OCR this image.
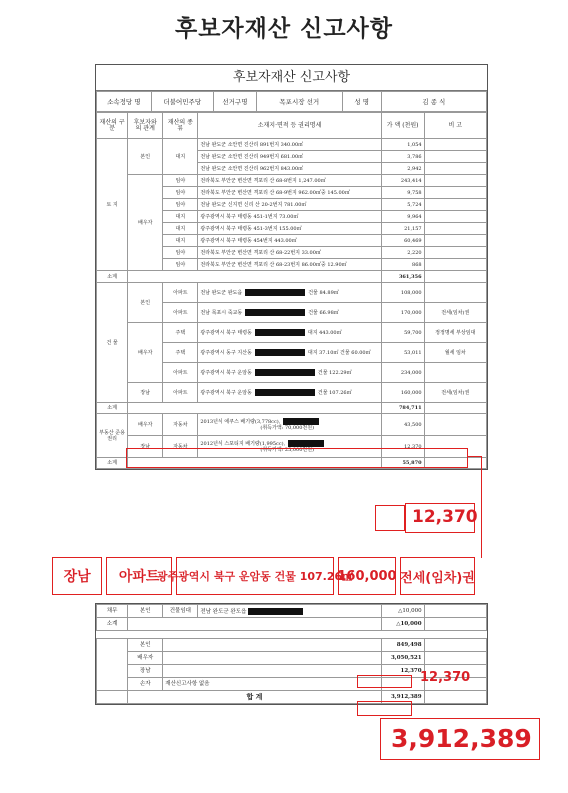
후보자재산 신고사항
후보자재산 신고사항
소속정당 명	더불어민주당	선거구명	목포시장 선거	성 명	김 종 식
재산의 구 분	후보자와 의 관계	재산의 종 류	소재지·면적 등 권리명세	가 액 (천원)	비 고
토 지	본인	대지	전남 완도군 소안면 진산리 891번지 340.00㎡	1,054	
			전남 완도군 소안면 진산리 949번지 681.00㎡	3,786	
			전남 완도군 소안면 진산리 962번지 843.00㎡	2,942	
	배우자	임야	전라북도 부안군 변산면 격포리 산 68-8번지 1,247.00㎡	243,414	
		임야	전라북도 부안군 변산면 격포리 산 68-9번지 962.00㎡중 145.00㎡	9,758	
		임야	전남 완도군 신지면 신리 산 20-2번지 781.00㎡	5,724	
		대지	광주광역시 북구 태령동 451-1번지 73.00㎡	9,964	
		대지	광주광역시 북구 태령동 451-3번지 155.00㎡	21,157	
		대지	광주광역시 북구 태령동 454번지 443.00㎡	60,469	
		임야	전라북도 부안군 변산면 격포리 산 68-22번지 33.00㎡	2,220	
		임야	전라북도 부안군 변산면 격포리 산 68-23번지 86.00㎡중 12.90㎡	868	
소계				361,356	
건 물	본인	아파트	전남 완도군 완도읍 건물 84.89㎡	108,000	
		아파트	전남 목포시 죽교동 건물 66.98㎡	170,000	전세(임차)권
	배우자	주택	광주광역시 북구 태령동 대지 443.00㎡	59,700	정정명세 부상임대
		주택	광주광역시 동구 지산동 대지 37.10㎡ 건물 60.00㎡	53,011	월세 임차
		아파트	광주광역시 북구 운암동 건물 122.29㎡	234,000	
	장남	아파트	광주광역시 북구 운암동 건물 107.26㎡	160,000	전세(임차)권
소계				784,711	
부동산 준용권리	배우자	자동차	2013년식 에쿠스 배기량(3,778cc),
(취득가액: 70,000천원)	43,500	
	장남	자동차	2012년식 스포티지 배기량(1,995cc),
(취득가액: 25,000천원)	12,370	
소계				55,870	
12,370
장남	아파트
광주광역시 북구 운암동 건물 107.26㎡
160,000 전세(임차)권
채무	본인	건물임대	전남 완도군 완도읍	△10,000	
소계				△10,000	

	본인			849,498	
	배우자			3,050,521	
	장남			12,370	
	손자	재산신고사항 없음			
	합 계			3,912,389	
12,370
3,912,389
